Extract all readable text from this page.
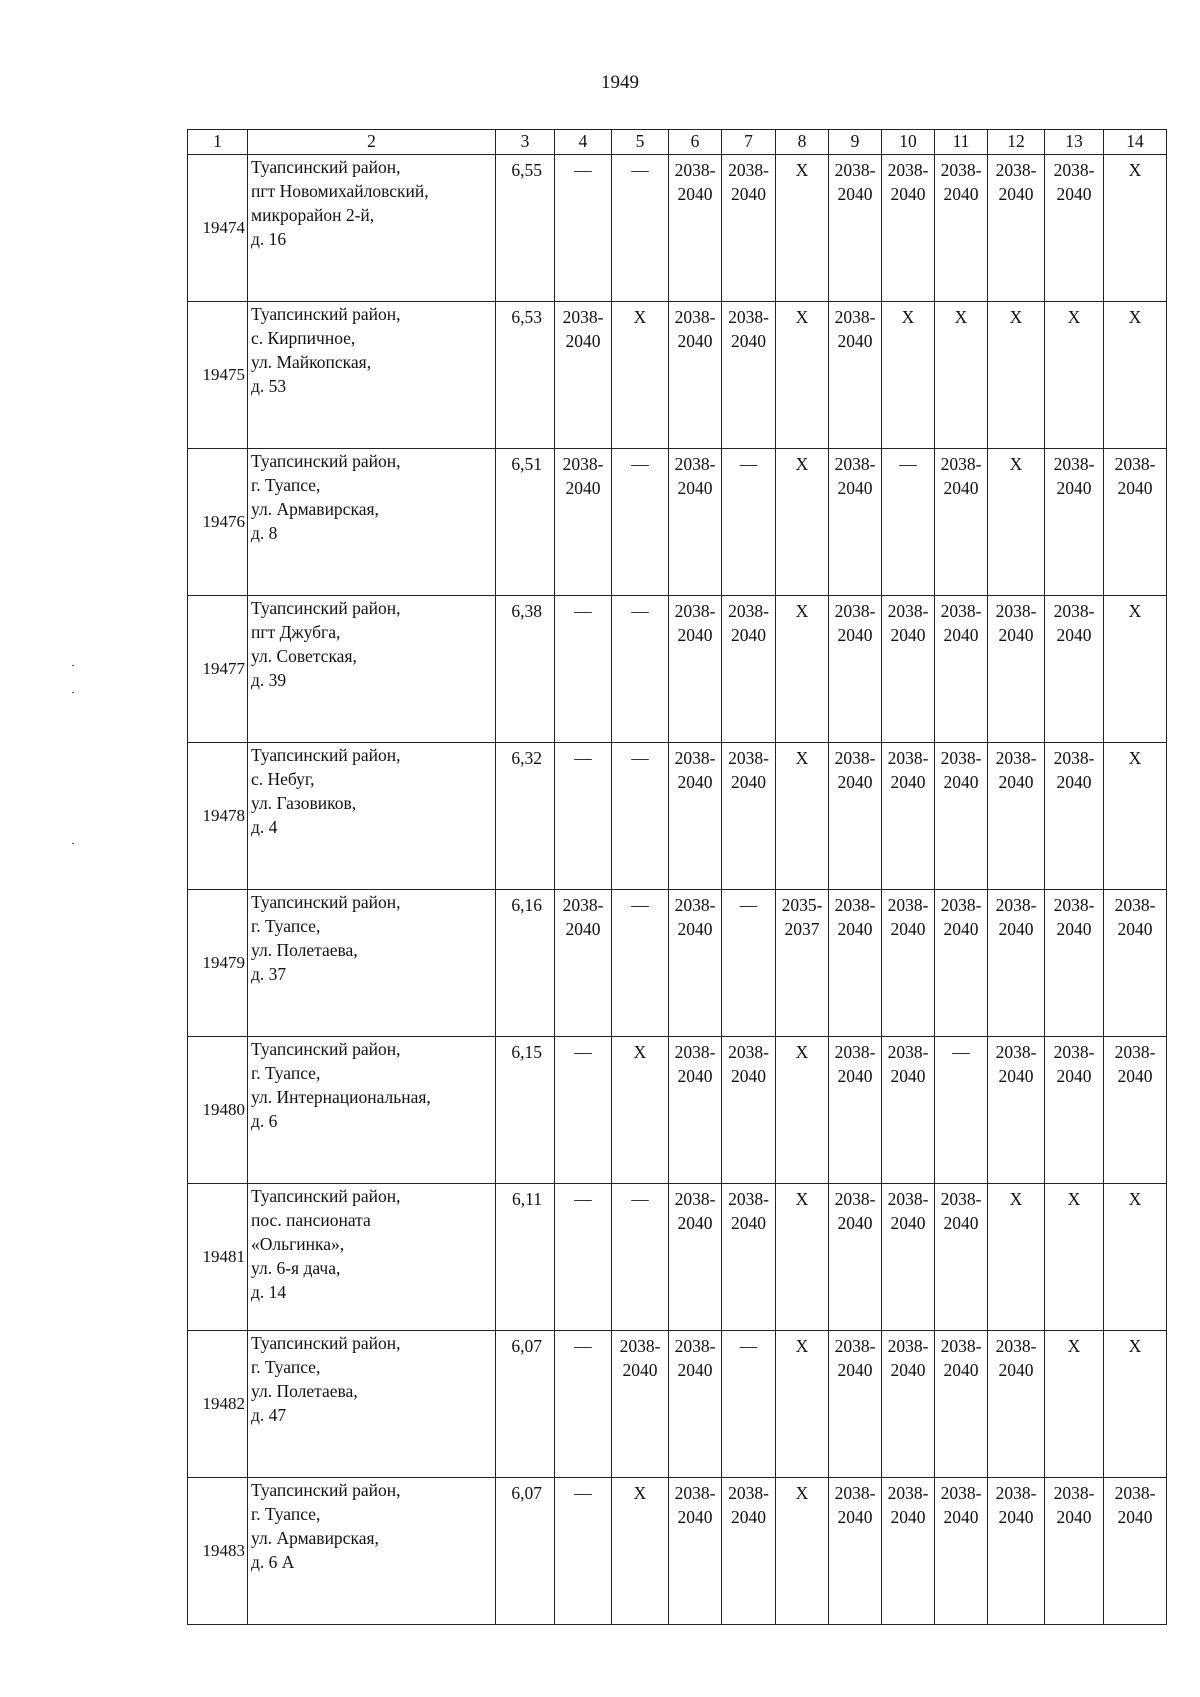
1949
1	2	3	4	5	6	7	8	9	10	11	12	13	14
19474	Туапсинский район,
пгт Новомихайловский,
микрорайон 2-й,
д. 16	6,55	—	—	2038-
2040	2038-
2040	X	2038-
2040	2038-
2040	2038-
2040	2038-
2040	2038-
2040	X
19475	Туапсинский район,
с. Кирпичное,
ул. Майкопская,
д. 53	6,53	2038-
2040	X	2038-
2040	2038-
2040	X	2038-
2040	X	X	X	X	X
19476	Туапсинский район,
г. Туапсе,
ул. Армавирская,
д. 8	6,51	2038-
2040	—	2038-
2040	—	X	2038-
2040	—	2038-
2040	X	2038-
2040	2038-
2040
19477	Туапсинский район,
пгт Джубга,
ул. Советская,
д. 39	6,38	—	—	2038-
2040	2038-
2040	X	2038-
2040	2038-
2040	2038-
2040	2038-
2040	2038-
2040	X
19478	Туапсинский район,
с. Небуг,
ул. Газовиков,
д. 4	6,32	—	—	2038-
2040	2038-
2040	X	2038-
2040	2038-
2040	2038-
2040	2038-
2040	2038-
2040	X
19479	Туапсинский район,
г. Туапсе,
ул. Полетаева,
д. 37	6,16	2038-
2040	—	2038-
2040	—	2035-
2037	2038-
2040	2038-
2040	2038-
2040	2038-
2040	2038-
2040	2038-
2040
19480	Туапсинский район,
г. Туапсе,
ул. Интернациональная,
д. 6	6,15	—	X	2038-
2040	2038-
2040	X	2038-
2040	2038-
2040	—	2038-
2040	2038-
2040	2038-
2040
19481	Туапсинский район,
пос. пансионата
«Ольгинка»,
ул. 6-я дача,
д. 14	6,11	—	—	2038-
2040	2038-
2040	X	2038-
2040	2038-
2040	2038-
2040	X	X	X
19482	Туапсинский район,
г. Туапсе,
ул. Полетаева,
д. 47	6,07	—	2038-
2040	2038-
2040	—	X	2038-
2040	2038-
2040	2038-
2040	2038-
2040	X	X
19483	Туапсинский район,
г. Туапсе,
ул. Армавирская,
д. 6 А	6,07	—	X	2038-
2040	2038-
2040	X	2038-
2040	2038-
2040	2038-
2040	2038-
2040	2038-
2040	2038-
2040
